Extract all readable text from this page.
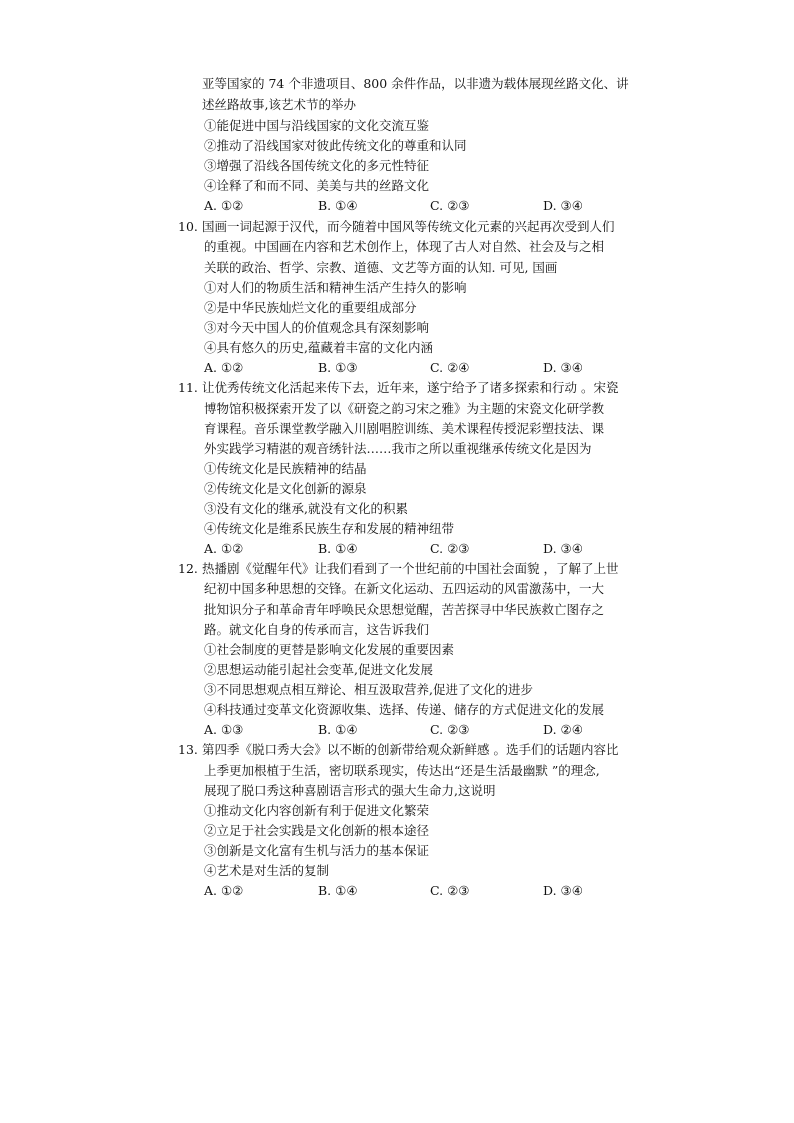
亚等国家的 74 个非遗项目、800 余件作品，以非遗为载体展现丝路文化、讲
述丝路故事,该艺术节的举办
①能促进中国与沿线国家的文化交流互鉴
②推动了沿线国家对彼此传统文化的尊重和认同
③增强了沿线各国传统文化的多元性特征
④诠释了和而不同、美美与共的丝路文化
A. ①②	B. ①④	C. ②③	D. ③④
10. 国画一词起源于汉代，而今随着中国风等传统文化元素的兴起再次受到人们
的重视。中国画在内容和艺术创作上，体现了古人对自然、社会及与之相
关联的政治、哲学、宗教、道德、文艺等方面的认知. 可见, 国画
①对人们的物质生活和精神生活产生持久的影响
②是中华民族灿烂文化的重要组成部分
③对今天中国人的价值观念具有深刻影响
④具有悠久的历史,蕴藏着丰富的文化内涵
A. ①②	B. ①③	C. ②④	D. ③④
11. 让优秀传统文化活起来传下去，近年来，遂宁给予了诸多探索和行动 。宋瓷
博物馆积极探索开发了以《研瓷之韵习宋之雅》为主题的宋瓷文化研学教
育课程。音乐课堂教学融入川剧唱腔训练、美术课程传授泥彩塑技法、课
外实践学习精湛的观音绣针法……我市之所以重视继承传统文化是因为
①传统文化是民族精神的结晶
②传统文化是文化创新的源泉
③没有文化的继承,就没有文化的积累
④传统文化是维系民族生存和发展的精神纽带
A. ①②	B. ①④	C. ②③	D. ③④
12. 热播剧《觉醒年代》让我们看到了一个世纪前的中国社会面貌 ，了解了上世
纪初中国多种思想的交锋。在新文化运动、五四运动的风雷激荡中，一大
批知识分子和革命青年呼唤民众思想觉醒，苦苦探寻中华民族救亡图存之
路。就文化自身的传承而言，这告诉我们
①社会制度的更替是影响文化发展的重要因素
②思想运动能引起社会变革,促进文化发展
③不同思想观点相互辩论、相互汲取营养,促进了文化的进步
④科技通过变革文化资源收集、选择、传递、储存的方式促进文化的发展
A. ①③	B. ①④	C. ②③	D. ②④
13. 第四季《脱口秀大会》以不断的创新带给观众新鲜感 。选手们的话题内容比
上季更加根植于生活，密切联系现实，传达出“还是生活最幽默 ”的理念,
展现了脱口秀这种喜剧语言形式的强大生命力,这说明
①推动文化内容创新有利于促进文化繁荣
②立足于社会实践是文化创新的根本途径
③创新是文化富有生机与活力的基本保证
④艺术是对生活的复制
A. ①②	B. ①④	C. ②③	D. ③④
